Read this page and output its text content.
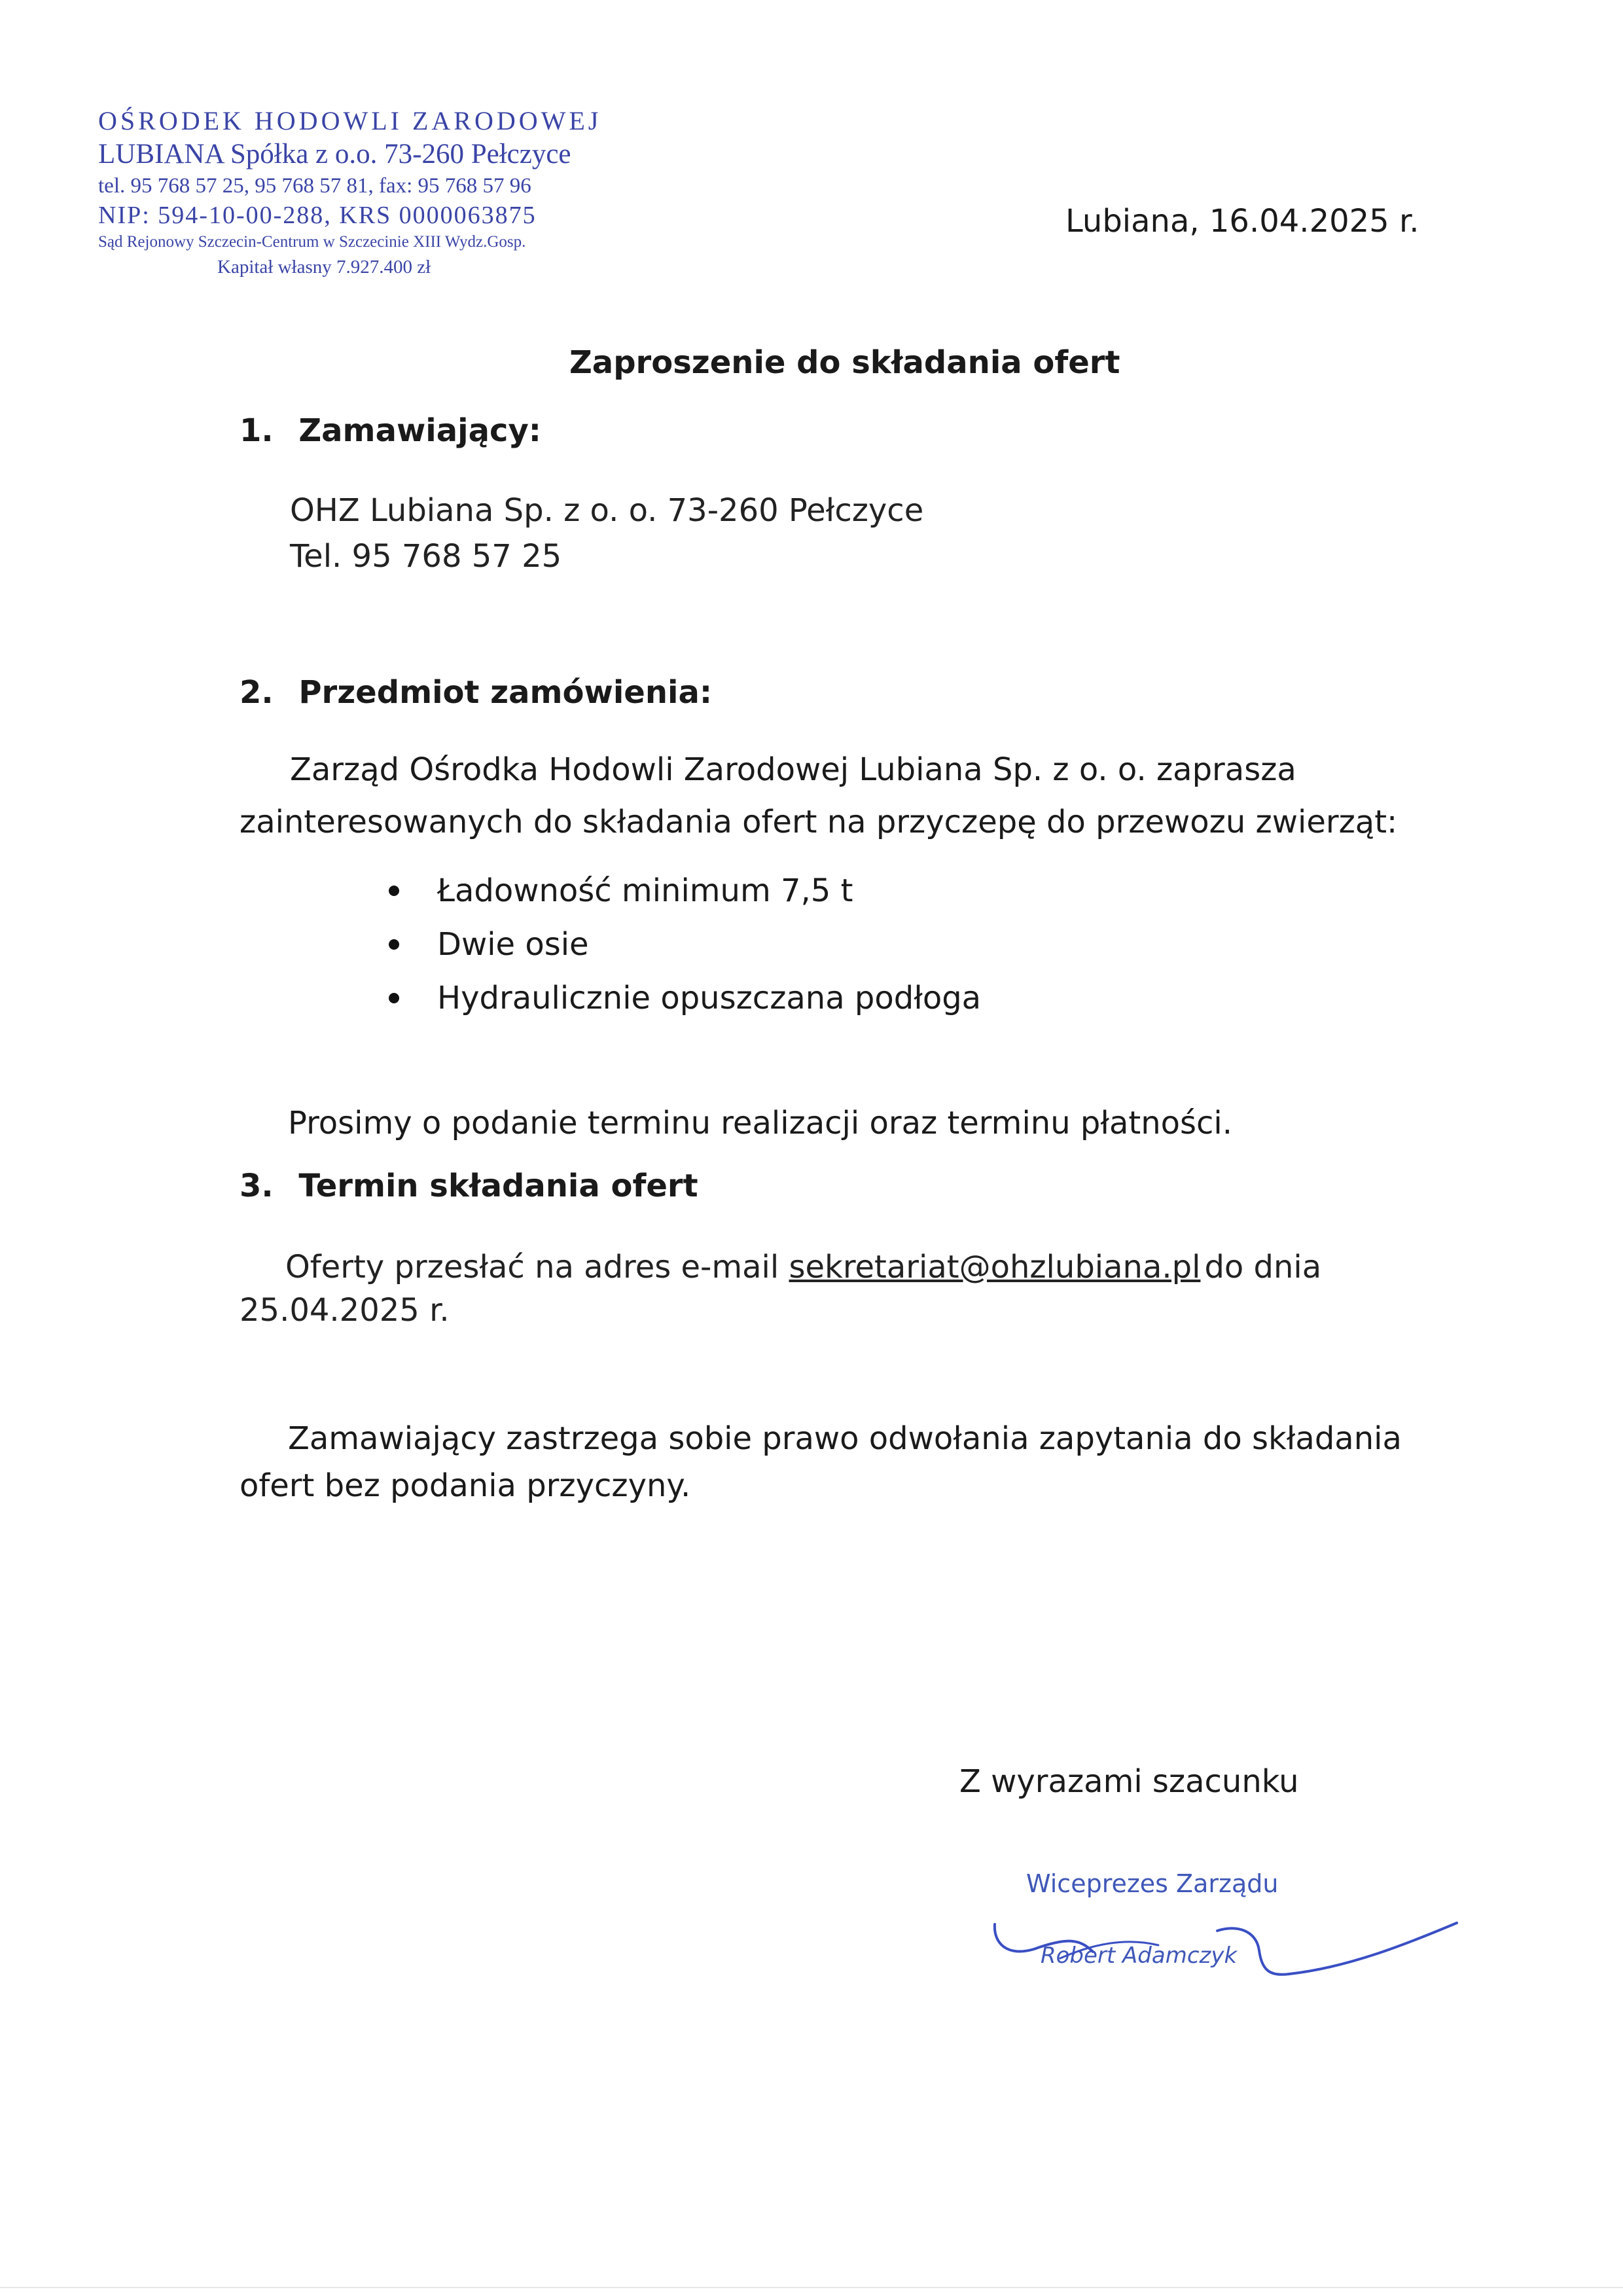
OŚRODEK HODOWLI ZARODOWEJ
LUBIANA Spółka z o.o. 73-260 Pełczyce
tel. 95 768 57 25, 95 768 57 81, fax: 95 768 57 96
NIP: 594-10-00-288, KRS 0000063875
Sąd Rejonowy Szczecin-Centrum w Szczecinie XIII Wydz.Gosp.
Kapitał własny 7.927.400 zł
Lubiana, 16.04.2025 r.
Zaproszenie do składania ofert
1. Zamawiający:
OHZ Lubiana Sp. z o. o. 73-260 Pełczyce
Tel. 95 768 57 25
2. Przedmiot zamówienia:
Zarząd Ośrodka Hodowli Zarodowej Lubiana Sp. z o. o. zaprasza
zainteresowanych do składania ofert na przyczepę do przewozu zwierząt:
Ładowność minimum 7,5 t
Dwie osie
Hydraulicznie opuszczana podłoga
Prosimy o podanie terminu realizacji oraz terminu płatności.
3. Termin składania ofert
Oferty przesłać na adres e-mail sekretariat@ohzlubiana.pl do dnia
25.04.2025 r.
Zamawiający zastrzega sobie prawo odwołania zapytania do składania
ofert bez podania przyczyny.
Z wyrazami szacunku
Wiceprezes Zarządu
Robert Adamczyk
